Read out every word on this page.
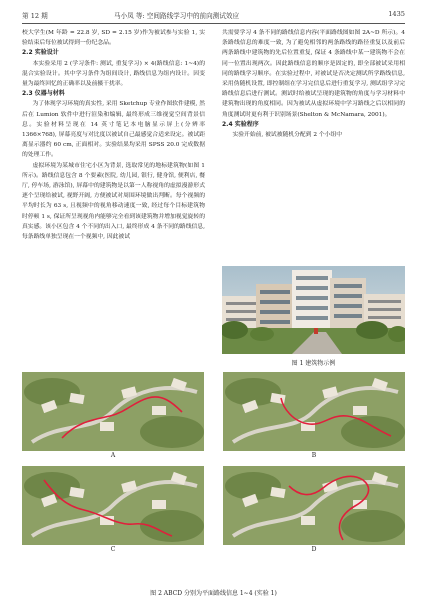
第 12 期	马小凤 等: 空间路线学习中的前向测试效应	1435

校大学生(M 年龄 = 22.8 岁, SD = 2.15 岁)作为被试参与实验 1, 实验结束后每位被试得到一份纪念品。

2.2 实验设计

本实验采用 2 (学习条件: 测试, 重复学习) × 4(路线信息: 1~4)的混合实验设计。其中学习条件为组间设计, 路线信息为组内设计。因变量为最终回忆的正确率以及前摄干扰率。

2.3 仪器与材料

为了体现学习环境的真实性, 采用 Sketchup 专业作图软件建模, 然后在 Lumion 软件中进行渲染和编辑, 最终形成三维视觉空间背景信息。实验材料呈现在 14 英寸笔记本电脑显示屏上(分辨率 1366×768), 屏幕亮度与对比度以被试自己最感觉合适来设定。被试距离显示器约 60 cm, 正面相对。实验结果均采用 SPSS 20.0 完成数据的处理工作。

虚拟环境为某城市住宅小区为背景, 选取常见的地标建筑物(如图 1 所示)。路线信息包含 8 个要素(医院, 幼儿园, 银行, 健身馆, 便利店, 餐厅, 停车场, 游泳馆), 屏幕中的建筑物是以第一人称视角的虚拟漫游形式逐个呈现给被试, 视野开阔, 方便被试对周围环境做出判断。每个视频的平均时长为 63 s, 且视频中的视角移动速度一致, 经过每个目标建筑物时停顿 1 s, 保证所呈现视角内能够完全看到该建筑物并增加视觉旋转的真实感。该小区包含 4 个不同的出入口, 最终形成 4 条不同的路线信息, 每条路线单独呈现在一个视频中, 因此被试

共需要学习 4 条不同的路线信息内容(平面路线图如图 2A~D 所示)。4 条路线信息的难度一致, 为了避免相邻的两条路线的路径重复以及前后两条路线中建筑物的先后位置重复, 保证 4 条路线中某一建筑物不会在同一位置出现两次。因此路线信息的顺序是固定的, 即全部被试采用相同的路线学习顺序。在实验过程中, 对被试是否决定测试所学路线信息, 采用伪随机设置, 即控制组在学习完信息后进行重复学习, 测试组学习完路线信息后进行测试。测试时给被试呈现的建筑物的角度与学习材料中建筑物出现的角度相同。因为被试从虚拟环境中学习路线之后以相同的角度测试时更有利于识别场景(Shelton & McNamara, 2001)。

2.4 实验程序

实验开始前, 被试被随机分配到 2 个小组中

图 1 建筑物示例
A	B
C	D
图 2 ABCD 分别为平面路线信息 1~4 (实验 1)
